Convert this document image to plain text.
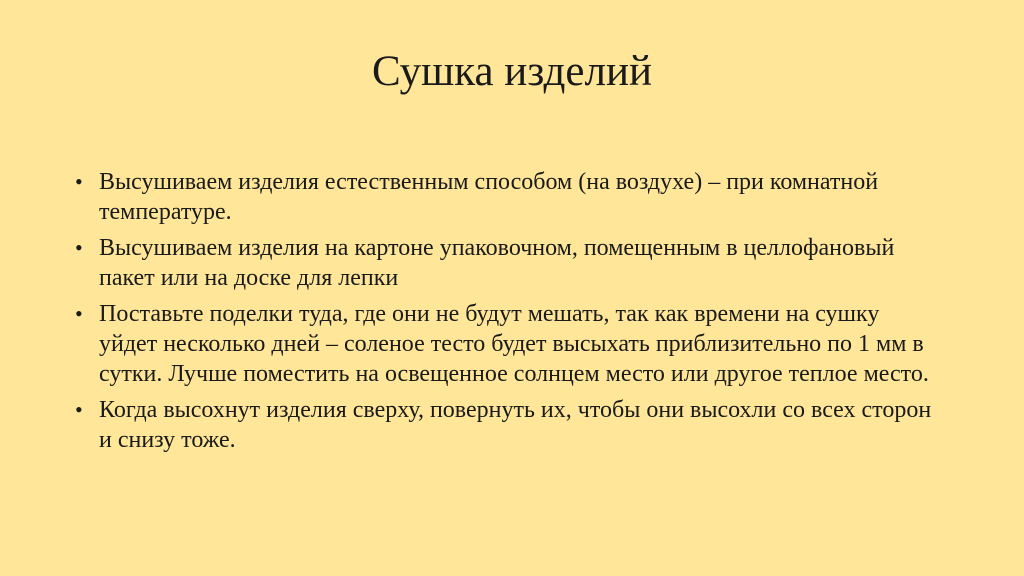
Сушка изделий
• Высушиваем изделия естественным способом (на воздухе) – при комнатной температуре.
• Высушиваем изделия на картоне упаковочном, помещенным в целлофановый пакет или на доске для лепки
• Поставьте поделки туда, где они не будут мешать, так как времени на сушку уйдет несколько дней – соленое тесто будет высыхать приблизительно по 1 мм в сутки. Лучше поместить на освещенное солнцем место или другое теплое место.
• Когда высохнут изделия сверху, повернуть их, чтобы они высохли со всех сторон и снизу тоже.
